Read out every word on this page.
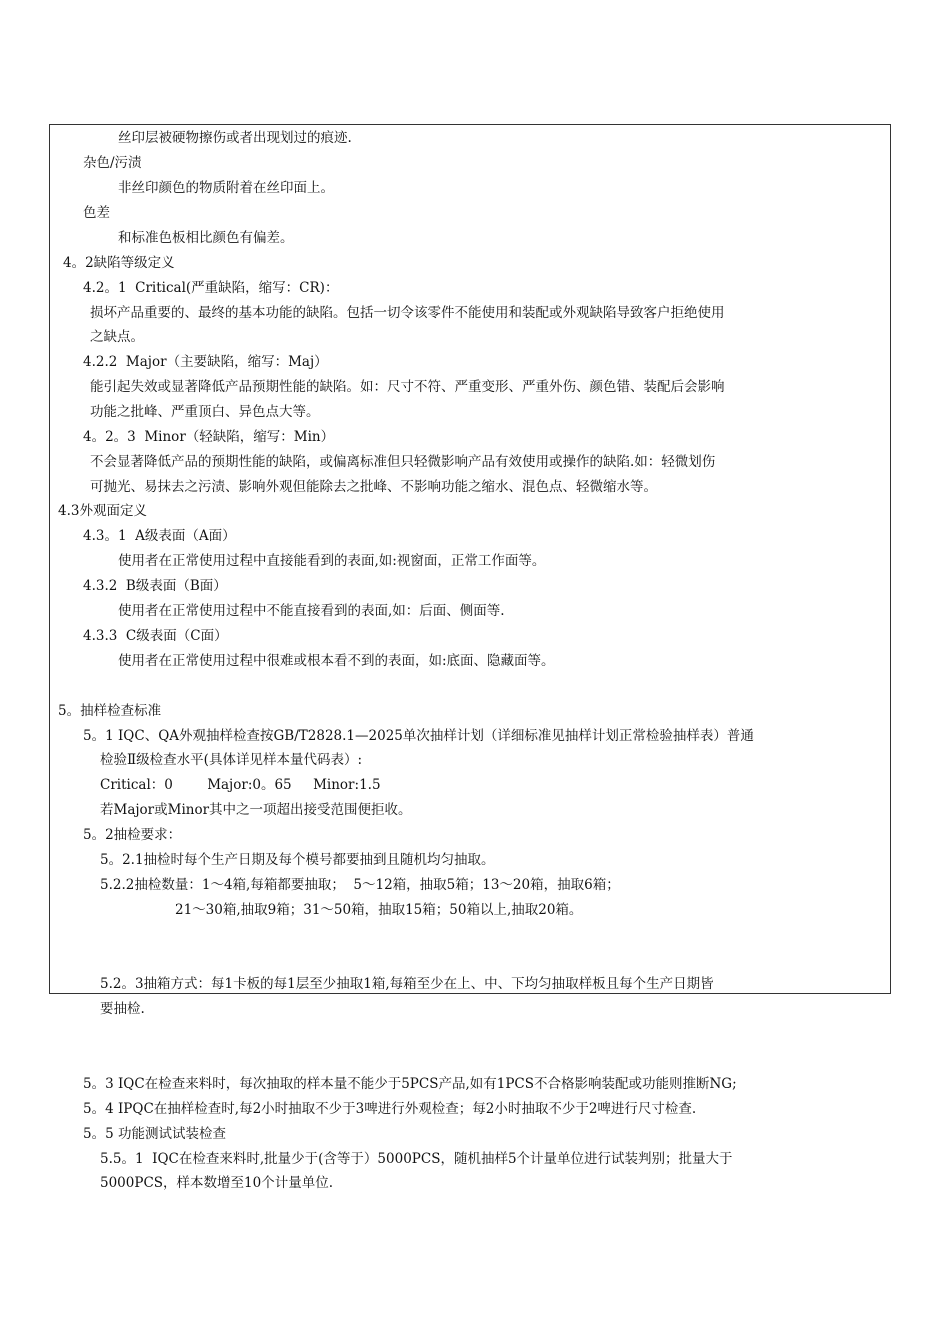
丝印层被硬物擦伤或者出现划过的痕迹.
杂色/污渍
非丝印颜色的物质附着在丝印面上。
色差
和标准色板相比颜色有偏差。
4。2缺陷等级定义
4.2。1  Critical(严重缺陷，缩写：CR)：
损坏产品重要的、最终的基本功能的缺陷。包括一切令该零件不能使用和装配或外观缺陷导致客户拒绝使用
之缺点。
4.2.2  Major（主要缺陷，缩写：Maj）
能引起失效或显著降低产品预期性能的缺陷。如：尺寸不符、严重变形、严重外伤、颜色错、装配后会影响
功能之批峰、严重顶白、异色点大等。
4。2。3  Minor（轻缺陷，缩写：Min）
不会显著降低产品的预期性能的缺陷，或偏离标准但只轻微影响产品有效使用或操作的缺陷.如：轻微划伤
可抛光、易抹去之污渍、影响外观但能除去之批峰、不影响功能之缩水、混色点、轻微缩水等。
4.3外观面定义
4.3。1  A级表面（A面）
使用者在正常使用过程中直接能看到的表面,如:视窗面，正常工作面等。
4.3.2  B级表面（B面）
使用者在正常使用过程中不能直接看到的表面,如：后面、侧面等.
4.3.3  C级表面（C面）
使用者在正常使用过程中很难或根本看不到的表面，如:底面、隐藏面等。
5。抽样检查标准
5。1 IQC、QA外观抽样检查按GB/T2828.1—2025单次抽样计划（详细标准见抽样计划正常检验抽样表）普通
检验Ⅱ级检查水平(具体详见样本量代码表）:
Critical：0        Major:0。65     Minor:1.5
若Major或Minor其中之一项超出接受范围便拒收。
5。2抽检要求：
5。2.1抽检时每个生产日期及每个模号都要抽到且随机均匀抽取。
5.2.2抽检数量：1～4箱,每箱都要抽取；  5～12箱，抽取5箱；13～20箱，抽取6箱；
21～30箱,抽取9箱；31～50箱，抽取15箱；50箱以上,抽取20箱。
5.2。3抽箱方式：每1卡板的每1层至少抽取1箱,每箱至少在上、中、下均匀抽取样板且每个生产日期皆
要抽检.
5。3 IQC在检查来料时，每次抽取的样本量不能少于5PCS产品,如有1PCS不合格影响装配或功能则推断NG;
5。4 IPQC在抽样检查时,每2小时抽取不少于3啤进行外观检查；每2小时抽取不少于2啤进行尺寸检查.
5。5 功能测试试装检查
5.5。1  IQC在检查来料时,批量少于(含等于）5000PCS，随机抽样5个计量单位进行试装判别；批量大于
5000PCS，样本数增至10个计量单位.
